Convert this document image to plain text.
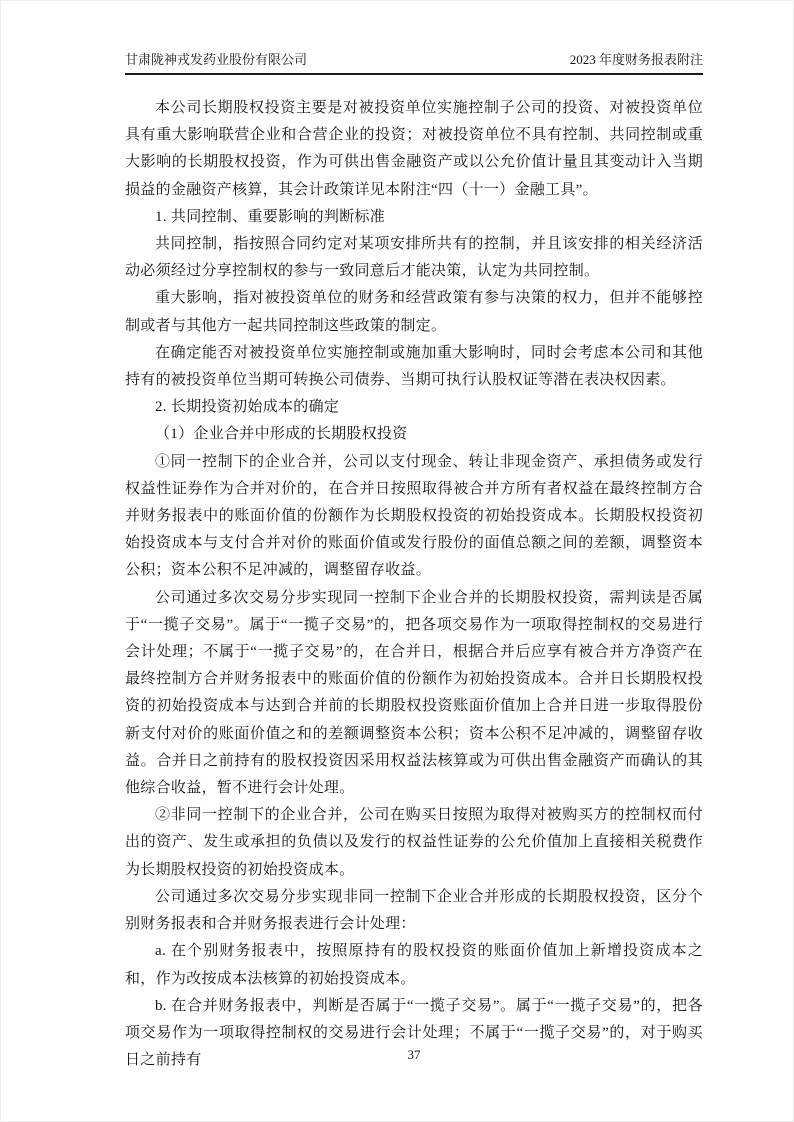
甘肃陇神戎发药业股份有限公司	2023 年度财务报表附注

本公司长期股权投资主要是对被投资单位实施控制子公司的投资、对被投资单位具有重大影响联营企业和合营企业的投资；对被投资单位不具有控制、共同控制或重大影响的长期股权投资，作为可供出售金融资产或以公允价值计量且其变动计入当期损益的金融资产核算，其会计政策详见本附注“四（十一）金融工具”。

1. 共同控制、重要影响的判断标准

共同控制，指按照合同约定对某项安排所共有的控制，并且该安排的相关经济活动必须经过分享控制权的参与一致同意后才能决策，认定为共同控制。

重大影响，指对被投资单位的财务和经营政策有参与决策的权力，但并不能够控制或者与其他方一起共同控制这些政策的制定。

在确定能否对被投资单位实施控制或施加重大影响时，同时会考虑本公司和其他持有的被投资单位当期可转换公司债券、当期可执行认股权证等潜在表决权因素。

2. 长期投资初始成本的确定

（1）企业合并中形成的长期股权投资

①同一控制下的企业合并，公司以支付现金、转让非现金资产、承担债务或发行权益性证券作为合并对价的，在合并日按照取得被合并方所有者权益在最终控制方合并财务报表中的账面价值的份额作为长期股权投资的初始投资成本。长期股权投资初始投资成本与支付合并对价的账面价值或发行股份的面值总额之间的差额，调整资本公积；资本公积不足冲减的，调整留存收益。

公司通过多次交易分步实现同一控制下企业合并的长期股权投资，需判读是否属于“一揽子交易”。属于“一揽子交易”的，把各项交易作为一项取得控制权的交易进行会计处理；不属于“一揽子交易”的，在合并日，根据合并后应享有被合并方净资产在最终控制方合并财务报表中的账面价值的份额作为初始投资成本。合并日长期股权投资的初始投资成本与达到合并前的长期股权投资账面价值加上合并日进一步取得股份新支付对价的账面价值之和的差额调整资本公积；资本公积不足冲减的，调整留存收益。合并日之前持有的股权投资因采用权益法核算或为可供出售金融资产而确认的其他综合收益，暂不进行会计处理。

②非同一控制下的企业合并，公司在购买日按照为取得对被购买方的控制权而付出的资产、发生或承担的负债以及发行的权益性证券的公允价值加上直接相关税费作为长期股权投资的初始投资成本。

公司通过多次交易分步实现非同一控制下企业合并形成的长期股权投资，区分个别财务报表和合并财务报表进行会计处理：

a. 在个别财务报表中，按照原持有的股权投资的账面价值加上新增投资成本之和，作为改按成本法核算的初始投资成本。

b. 在合并财务报表中，判断是否属于“一揽子交易”。属于“一揽子交易”的，把各项交易作为一项取得控制权的交易进行会计处理；不属于“一揽子交易”的，对于购买日之前持有	37
